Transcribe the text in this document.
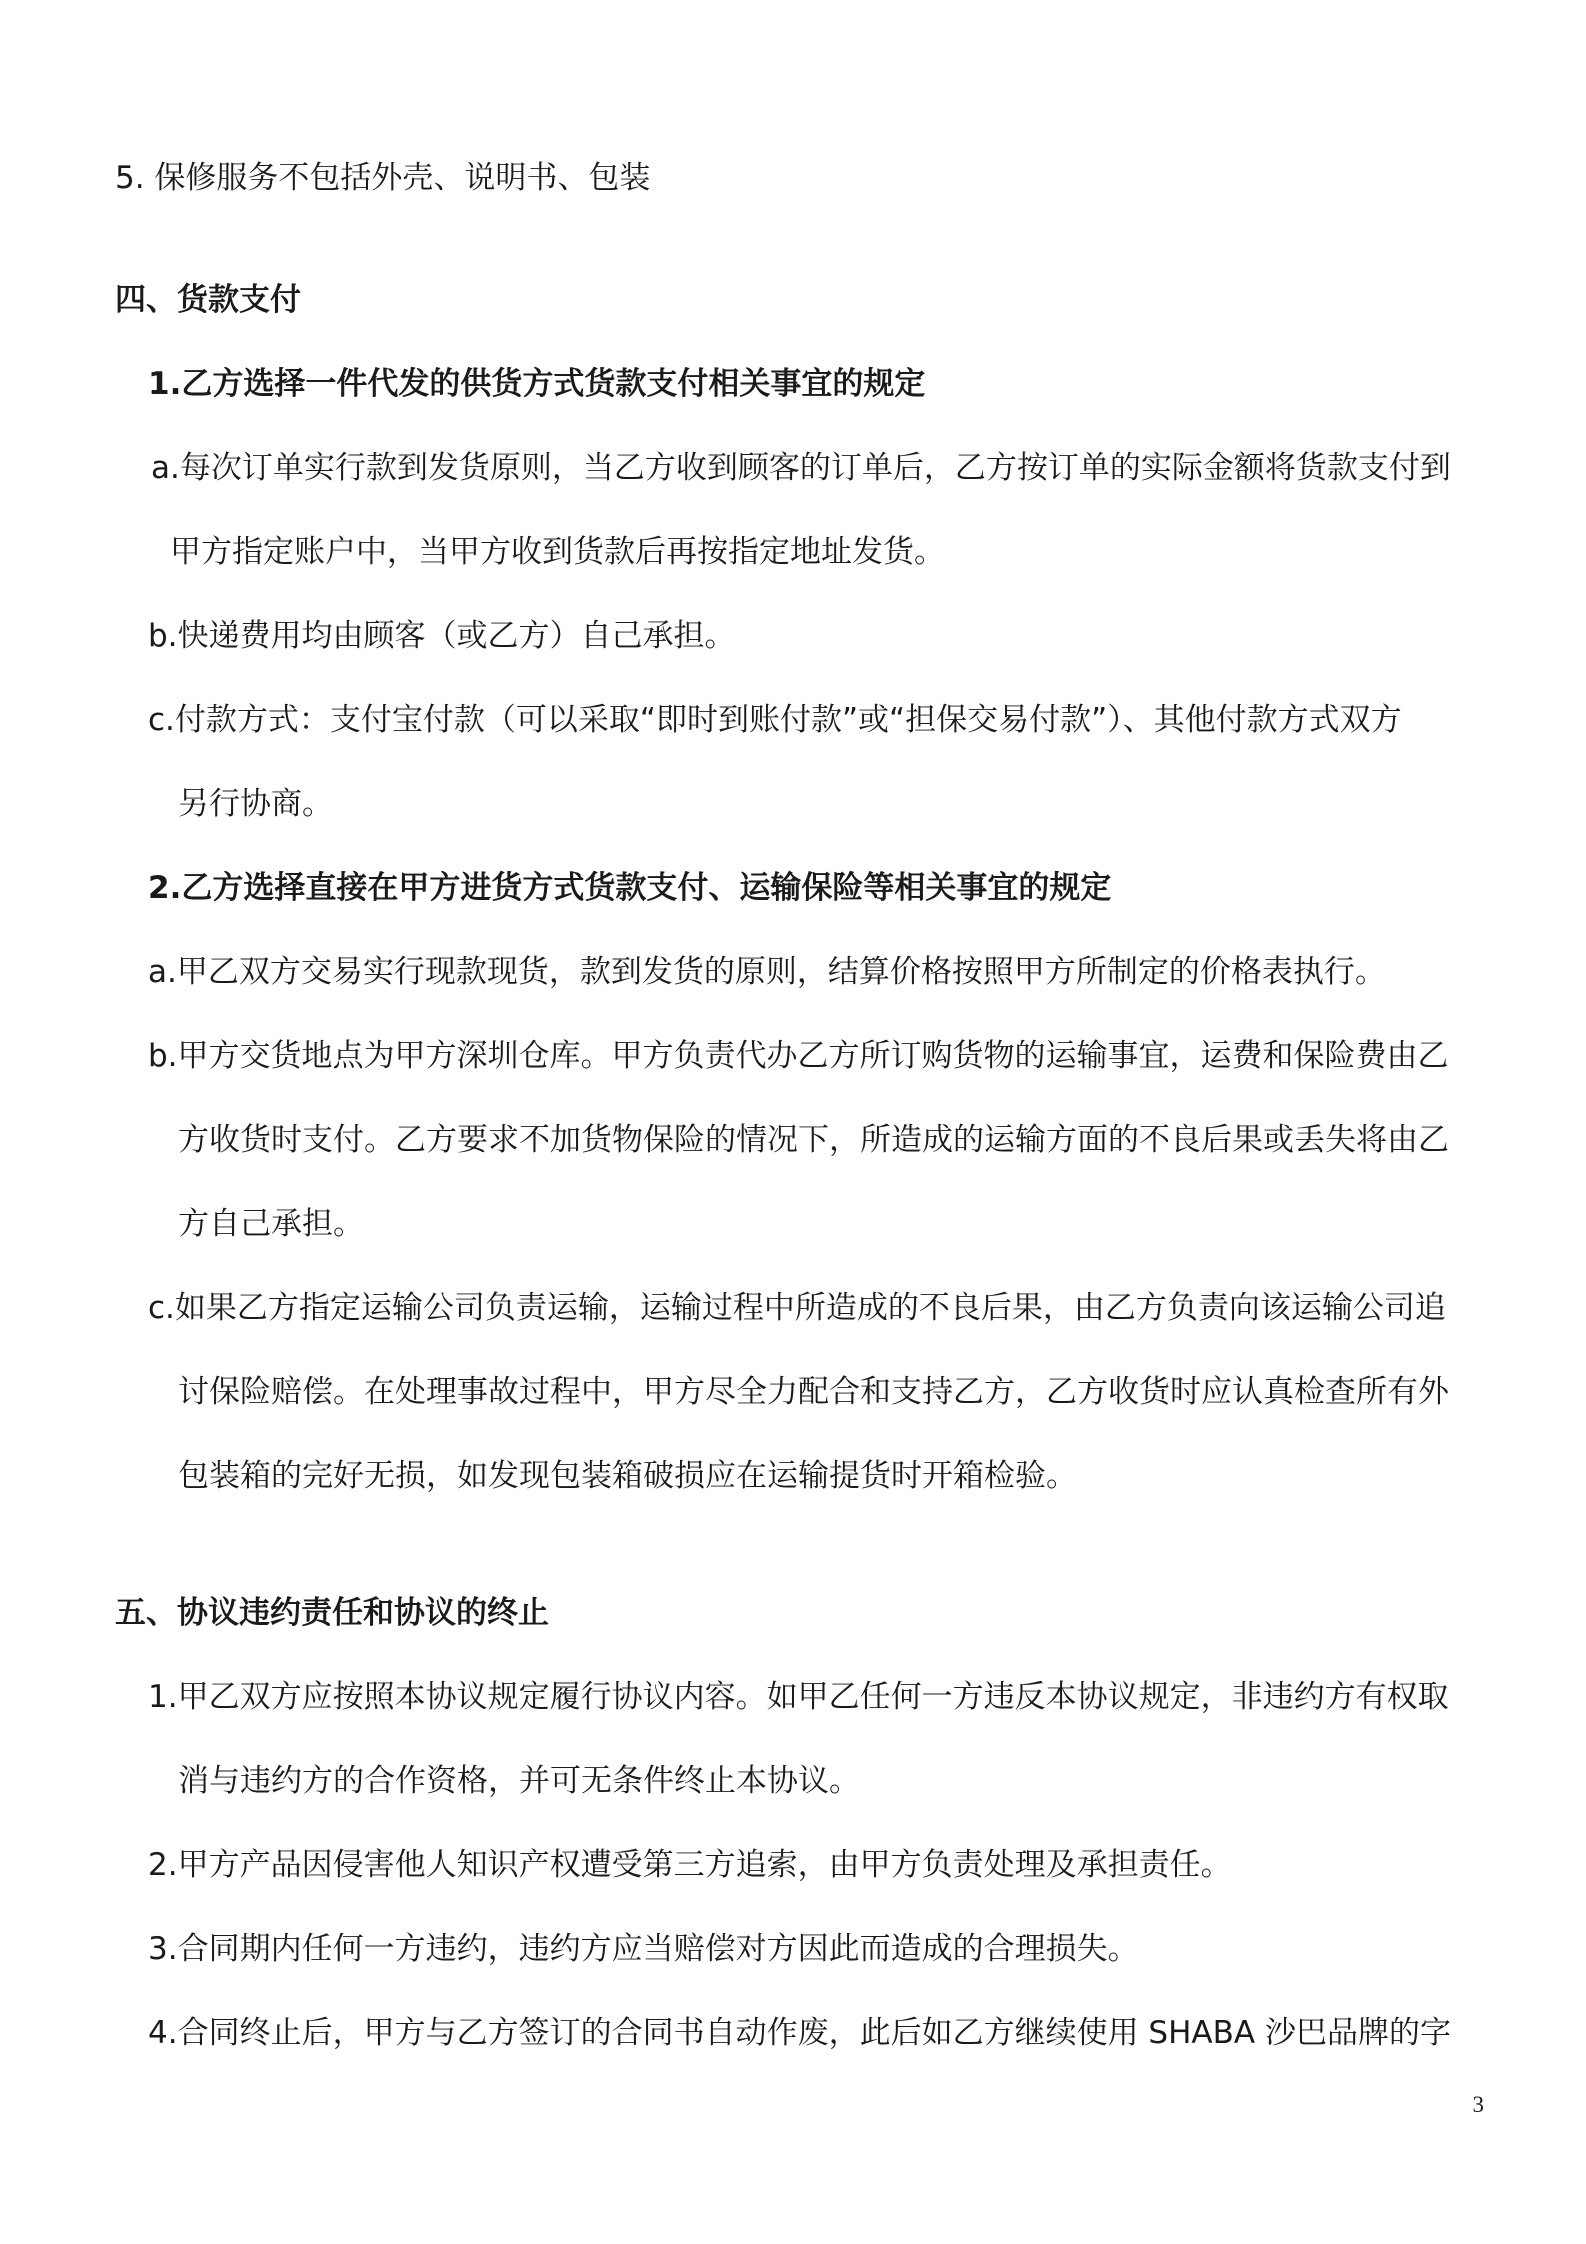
5. 保修服务不包括外壳、说明书、包装
四、货款支付
1.乙方选择一件代发的供货方式货款支付相关事宜的规定
a.每次订单实行款到发货原则，当乙方收到顾客的订单后，乙方按订单的实际金额将货款支付到
甲方指定账户中，当甲方收到货款后再按指定地址发货。
b.快递费用均由顾客（或乙方）自己承担。
c.付款方式：支付宝付款（可以采取“即时到账付款”或“担保交易付款”）、其他付款方式双方
另行协商。
2.乙方选择直接在甲方进货方式货款支付、运输保险等相关事宜的规定
a.甲乙双方交易实行现款现货，款到发货的原则，结算价格按照甲方所制定的价格表执行。
b.甲方交货地点为甲方深圳仓库。甲方负责代办乙方所订购货物的运输事宜，运费和保险费由乙
方收货时支付。乙方要求不加货物保险的情况下，所造成的运输方面的不良后果或丢失将由乙
方自己承担。
c.如果乙方指定运输公司负责运输，运输过程中所造成的不良后果，由乙方负责向该运输公司追
讨保险赔偿。在处理事故过程中，甲方尽全力配合和支持乙方，乙方收货时应认真检查所有外
包装箱的完好无损，如发现包装箱破损应在运输提货时开箱检验。
五、协议违约责任和协议的终止
1.甲乙双方应按照本协议规定履行协议内容。如甲乙任何一方违反本协议规定，非违约方有权取
消与违约方的合作资格，并可无条件终止本协议。
2.甲方产品因侵害他人知识产权遭受第三方追索，由甲方负责处理及承担责任。
3.合同期内任何一方违约，违约方应当赔偿对方因此而造成的合理损失。
4.合同终止后，甲方与乙方签订的合同书自动作废，此后如乙方继续使用 SHABA 沙巴品牌的字
3
